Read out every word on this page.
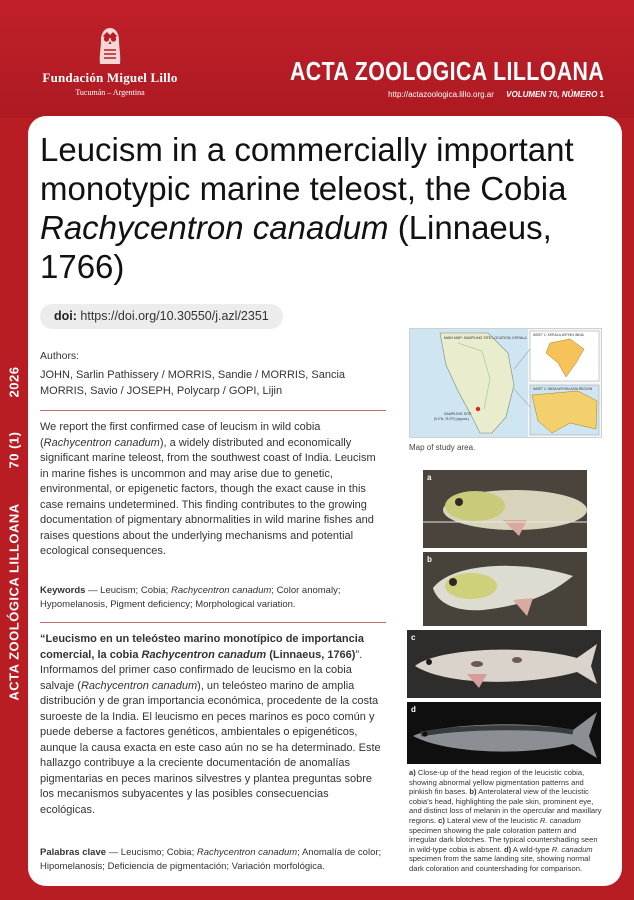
Fundación Miguel Lillo
Tucumán – Argentina
ACTA ZOOLOGICA LILLOANA
http://actazoologica.lillo.org.ar VOLUMEN 70, NÚMERO 1
2026
70 (1)
ACTA ZOOLÓGICA LILLOANA
Leucism in a commercially important monotypic marine teleost, the Cobia Rachycentron canadum (Linnaeus, 1766)
doi: https://doi.org/10.30550/j.azl/2351
Authors:
JOHN, Sarlin Pathissery / MORRIS, Sandie / MORRIS, Sancia MORRIS, Savio / JOSEPH, Polycarp / GOPI, Lijin

We report the first confirmed case of leucism in wild cobia (Rachycentron canadum), a widely distributed and economically significant marine teleost, from the southwest coast of India. Leucism in marine fishes is uncommon and may arise due to genetic, environmental, or epigenetic factors, though the exact cause in this case remains undetermined. This finding contributes to the growing documentation of pigmentary abnormalities in wild marine fishes and raises questions about the underlying mechanisms and potential ecological consequences.

Keywords — Leucism; Cobia; Rachycentron canadum; Color anomaly; Hypomelanosis, Pigment deficiency; Morphological variation.

“Leucismo en un teleósteo marino monotípico de importancia comercial, la cobia Rachycentron canadum (Linnaeus, 1766)”. Informamos del primer caso confirmado de leucismo en la cobia salvaje (Rachycentron canadum), un teleósteo marino de amplia distribución y de gran importancia económica, procedente de la costa suroeste de la India. El leucismo en peces marinos es poco común y puede deberse a factores genéticos, ambientales o epigenéticos, aunque la causa exacta en este caso aún no se ha determinado. Este hallazgo contribuye a la creciente documentación de anomalías pigmentarias en peces marinos silvestres y plantea preguntas sobre los mecanismos subyacentes y las posibles consecuencias ecológicas.

Palabras clave — Leucismo; Cobia; Rachycentron canadum; Anomalía de color; Hipomelanosis; Deficiencia de pigmentación; Variación morfológica.
MAIN MAP: SAMPLING SITE LOCATION, KERALA
SAMPLING SITE
(9.4°N, 76.3°E) (approx.)
INSET 1: KERALA WITHIN INDIA
INSET 2: INDIA WITHIN ASIA REGION
Map of study area.
a
b
c
d
a) Close-up of the head region of the leucistic cobia, showing abnormal yellow pigmentation patterns and pinkish fin bases. b) Anterolateral view of the leucistic cobia’s head, highlighting the pale skin, prominent eye, and distinct loss of melanin in the opercular and maxillary regions. c) Lateral view of the leucistic R. canadum specimen showing the pale coloration pattern and irregular dark blotches. The typical countershading seen in wild-type cobia is absent. d) A wild-type R. canadum specimen from the same landing site, showing normal dark coloration and countershading for comparison.
